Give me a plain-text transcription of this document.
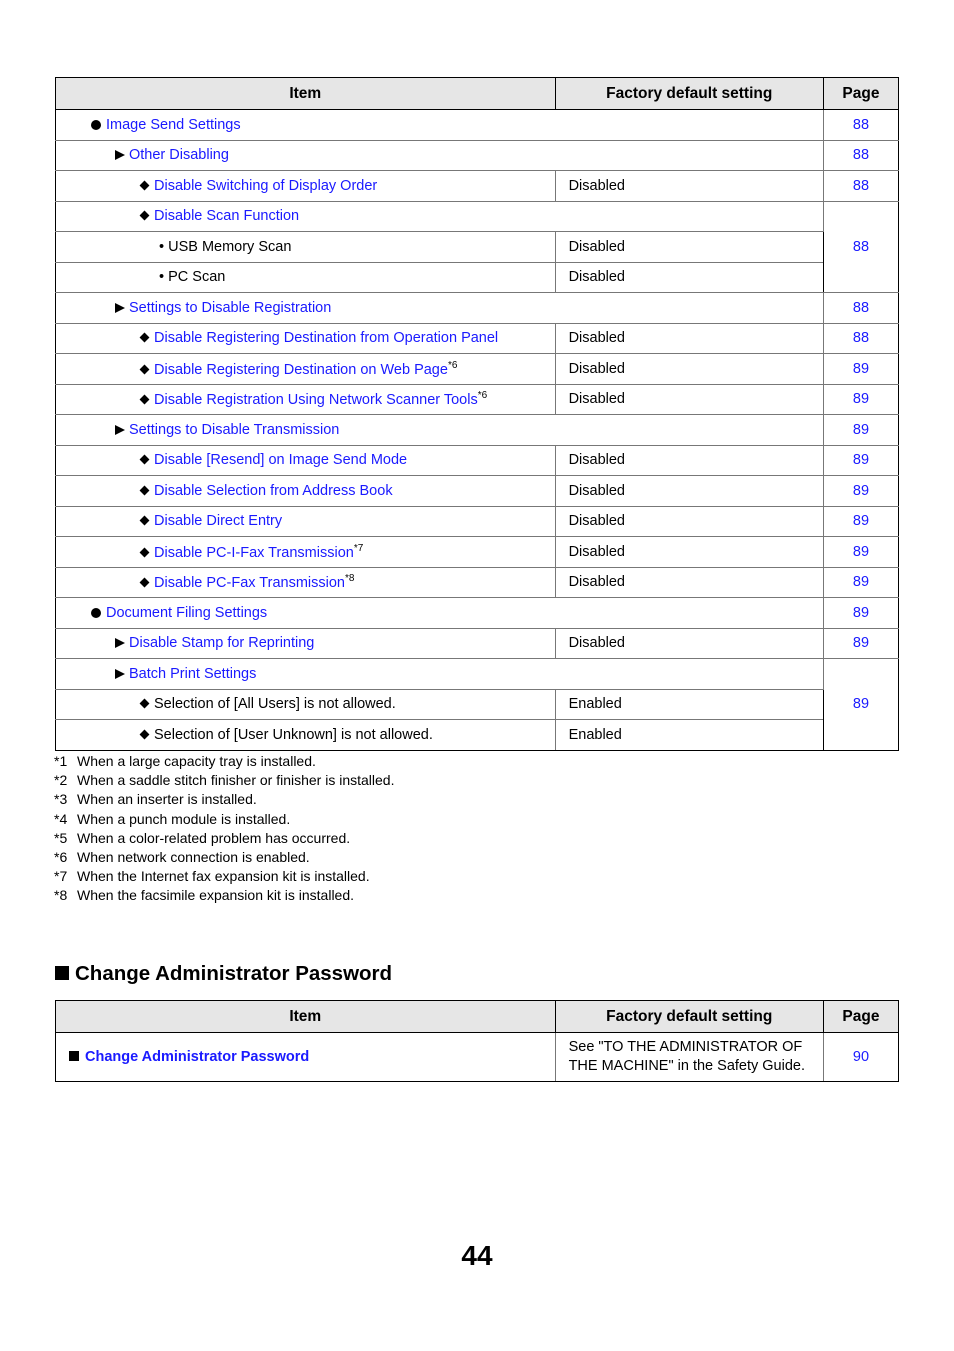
Item	Factory default setting	Page
Image Send Settings		88
Other Disabling		88
Disable Switching of Display Order	Disabled	88
Disable Scan Function		88
• USB Memory Scan	Disabled	
• PC Scan	Disabled	
Settings to Disable Registration		88
Disable Registering Destination from Operation Panel	Disabled	88
Disable Registering Destination on Web Page$^{*6}$	Disabled	89
Disable Registration Using Network Scanner Tools$^{*6}$	Disabled	89
Settings to Disable Transmission		89
Disable [Resend] on Image Send Mode	Disabled	89
Disable Selection from Address Book	Disabled	89
Disable Direct Entry	Disabled	89
Disable PC-I-Fax Transmission$^{*7}$	Disabled	89
Disable PC-Fax Transmission$^{*8}$	Disabled	89
Document Filing Settings		89
Disable Stamp for Reprinting	Disabled	89
Batch Print Settings		89
Selection of [All Users] is not allowed.	Enabled	
Selection of [User Unknown] is not allowed.	Enabled	
*1 When a large capacity tray is installed.
*2 When a saddle stitch finisher or finisher is installed.
*3 When an inserter is installed.
*4 When a punch module is installed.
*5 When a color-related problem has occurred.
*6 When network connection is enabled.
*7 When the Internet fax expansion kit is installed.
*8 When the facsimile expansion kit is installed.
Change Administrator Password
Item	Factory default setting	Page
Change Administrator Password	See "TO THE ADMINISTRATOR OF
THE MACHINE" in the Safety Guide.	90
44
